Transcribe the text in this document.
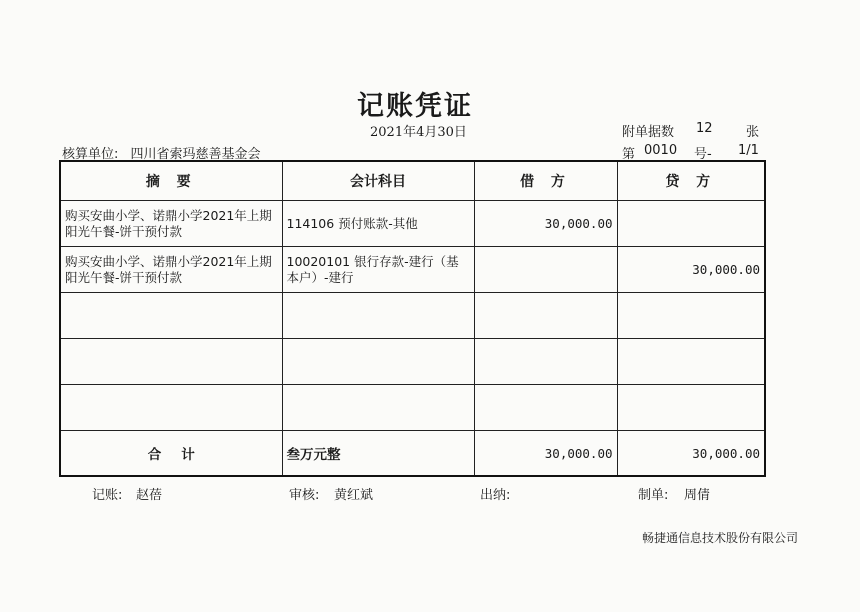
记账凭证
2021年4月30日
核算单位: 四川省索玛慈善基金会
附单据数 12	张
第 0010 号- 1/1
摘 要	会计科目	借 方	贷 方
购买安曲小学、诺鼎小学2021年上期阳光午餐-饼干预付款	114106 预付账款-其他	30,000.00	
购买安曲小学、诺鼎小学2021年上期阳光午餐-饼干预付款	10020101 银行存款-建行（基本户）-建行		30,000.00

合 计	叁万元整	30,000.00	30,000.00
记账: 赵蓓	审核: 黄红斌	出纳:	制单: 周倩
畅捷通信息技术股份有限公司
